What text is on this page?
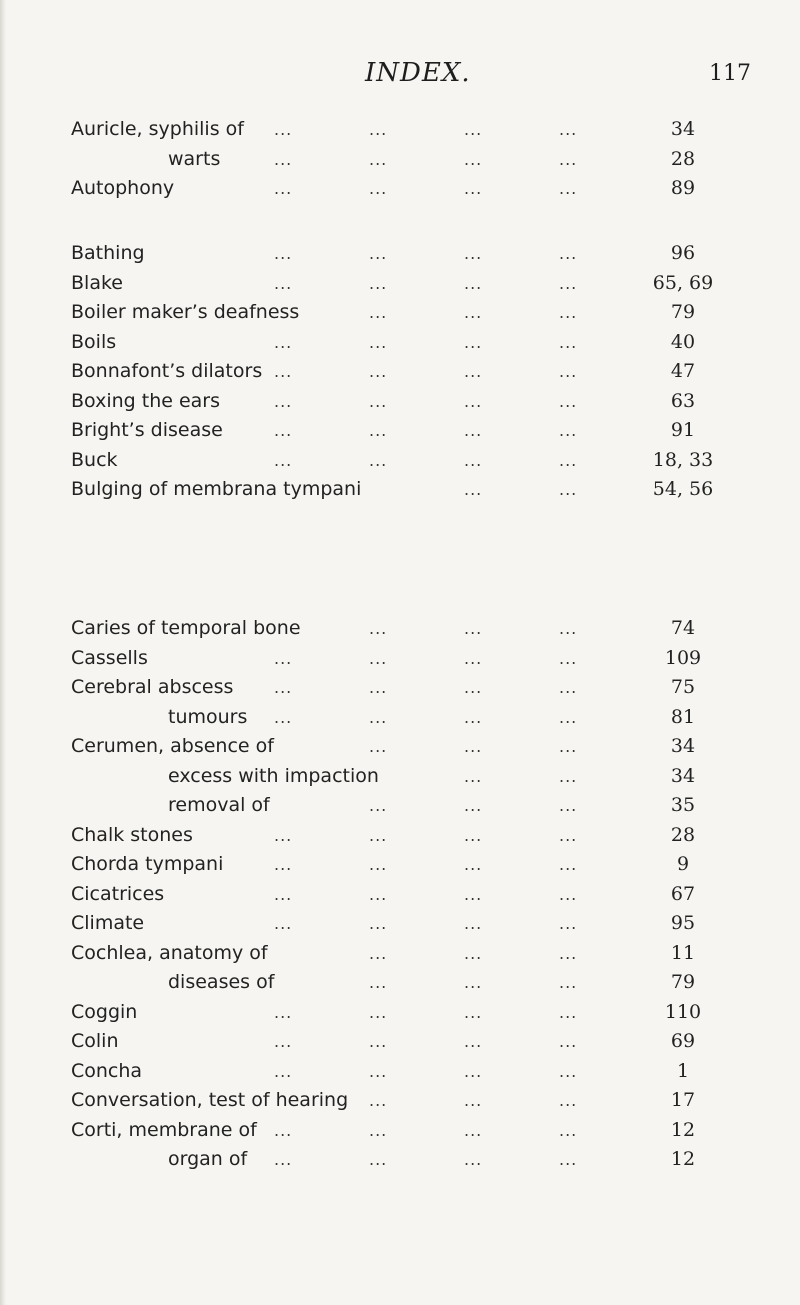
INDEX.	117
Auricle, syphilis of ...	...	...	...	34
warts	...	...	...	...	28
Autophony	...	...	...	...	89
Bathing	...	...	...	...	96
Blake	...	...	...	...	65, 69
Boiler maker’s deafness	...	...	...	79
Boils	...	...	...	...	40
Bonnafont’s dilators ...	...	...	...	47
Boxing the ears	...	...	...	...	63
Bright’s disease	...	...	...	...	91
Buck	...	...	...	...	18, 33
Bulging of membrana tympani	...	...	54, 56
Caries of temporal bone	...	...	...	74
Cassells	...	...	...	...	109
Cerebral abscess	...	...	...	...	75
tumours ...	...	...	...	81
Cerumen, absence of	...	...	...	34
excess with impaction	...	...	34
removal of	...	...	...	35
Chalk stones	...	...	...	...	28
Chorda tympani	...	...	...	...	9
Cicatrices	...	...	...	...	67
Climate	...	...	...	...	95
Cochlea, anatomy of	...	...	...	11
diseases of	...	...	...	79
Coggin	...	...	...	...	110
Colin	...	...	...	...	69
Concha	...	...	...	...	1
Conversation, test of hearing ...	...	...	17
Corti, membrane of ...	...	...	...	12
organ of ...	...	...	...	12
